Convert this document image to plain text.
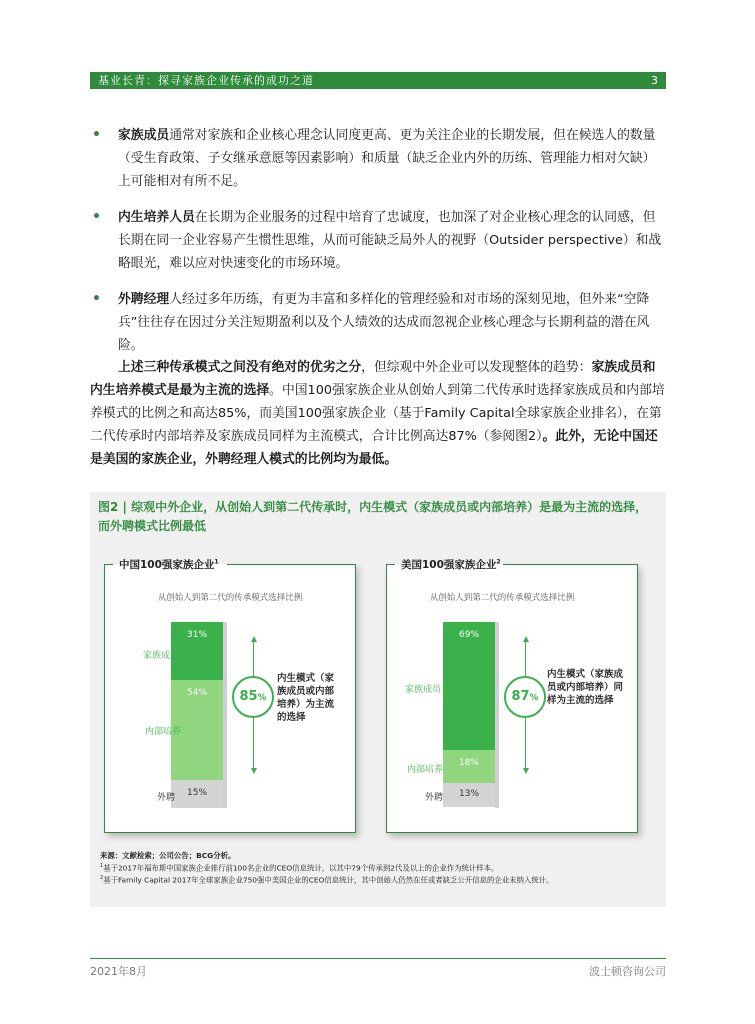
基业长青：探寻家族企业传承的成功之道	3
• 家族成员通常对家族和企业核心理念认同度更高、更为关注企业的长期发展，但在候选人的数量（受生育政策、子女继承意愿等因素影响）和质量（缺乏企业内外的历练、管理能力相对欠缺）上可能相对有所不足。
• 内生培养人员在长期为企业服务的过程中培育了忠诚度，也加深了对企业核心理念的认同感，但长期在同一企业容易产生惯性思维，从而可能缺乏局外人的视野（Outsider perspective）和战略眼光，难以应对快速变化的市场环境。
• 外聘经理人经过多年历练，有更为丰富和多样化的管理经验和对市场的深刻见地，但外来“空降兵”往往存在因过分关注短期盈利以及个人绩效的达成而忽视企业核心理念与长期利益的潜在风险。
上述三种传承模式之间没有绝对的优劣之分，但综观中外企业可以发现整体的趋势：家族成员和内生培养模式是最为主流的选择。中国100强家族企业从创始人到第二代传承时选择家族成员和内部培养模式的比例之和高达85%，而美国100强家族企业（基于Family Capital全球家族企业排名），在第二代传承时内部培养及家族成员同样为主流模式，合计比例高达87%（参阅图2）。此外，无论中国还是美国的家族企业，外聘经理人模式的比例均为最低。
图2 | 综观中外企业，从创始人到第二代传承时，内生模式（家族成员或内部培养）是最为主流的选择，而外聘模式比例最低
中国100强家族企业$^1$
从创始人到第二代的传承模式选择比例
31%
54%
15%
家族成员
内部培养
外聘
85%
内生模式（家族成员或内部培养）为主流的选择
美国100强家族企业$^2$
从创始人到第二代的传承模式选择比例
69%
18%
13%
家族成员
内部培养
外聘
87%
内生模式（家族成员或内部培养）同样为主流的选择
来源：文献检索；公司公告；BCG分析。
$^1$基于2017年福布斯中国家族企业排行前100名企业的CEO信息统计，以其中79个传承到2代及以上的企业作为统计样本。
$^2$基于Family Capital 2017年全球家族企业750强中美国企业的CEO信息统计，其中创始人仍然在任或者缺乏公开信息的企业未纳入统计。
2021年8月	波士顿咨询公司
